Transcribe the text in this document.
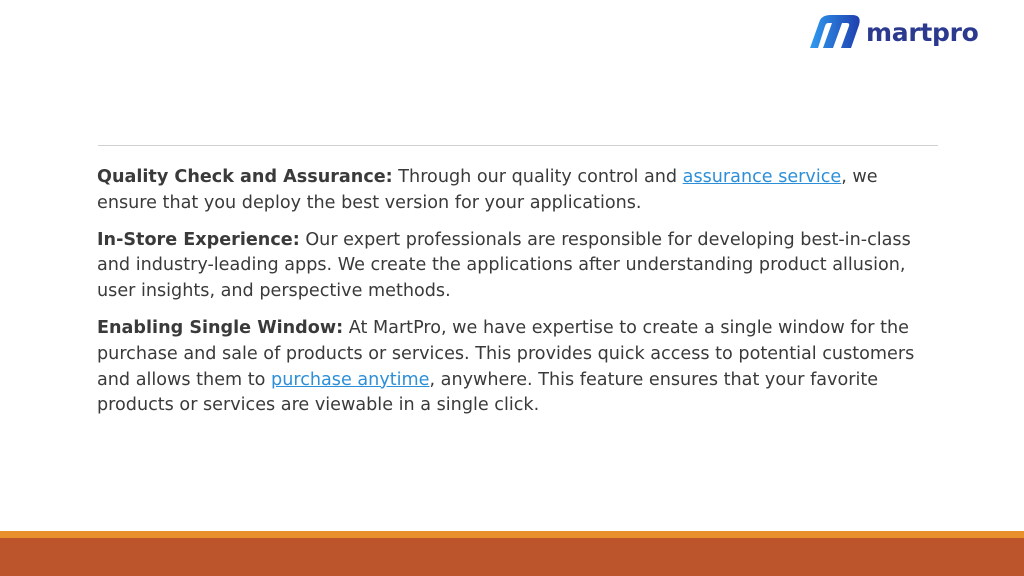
martpro

Quality Check and Assurance: Through our quality control and assurance service, we ensure that you deploy the best version for your applications.

In-Store Experience: Our expert professionals are responsible for developing best-in-class and industry-leading apps. We create the applications after understanding product allusion, user insights, and perspective methods.

Enabling Single Window: At MartPro, we have expertise to create a single window for the purchase and sale of products or services. This provides quick access to potential customers and allows them to purchase anytime, anywhere. This feature ensures that your favorite products or services are viewable in a single click.
